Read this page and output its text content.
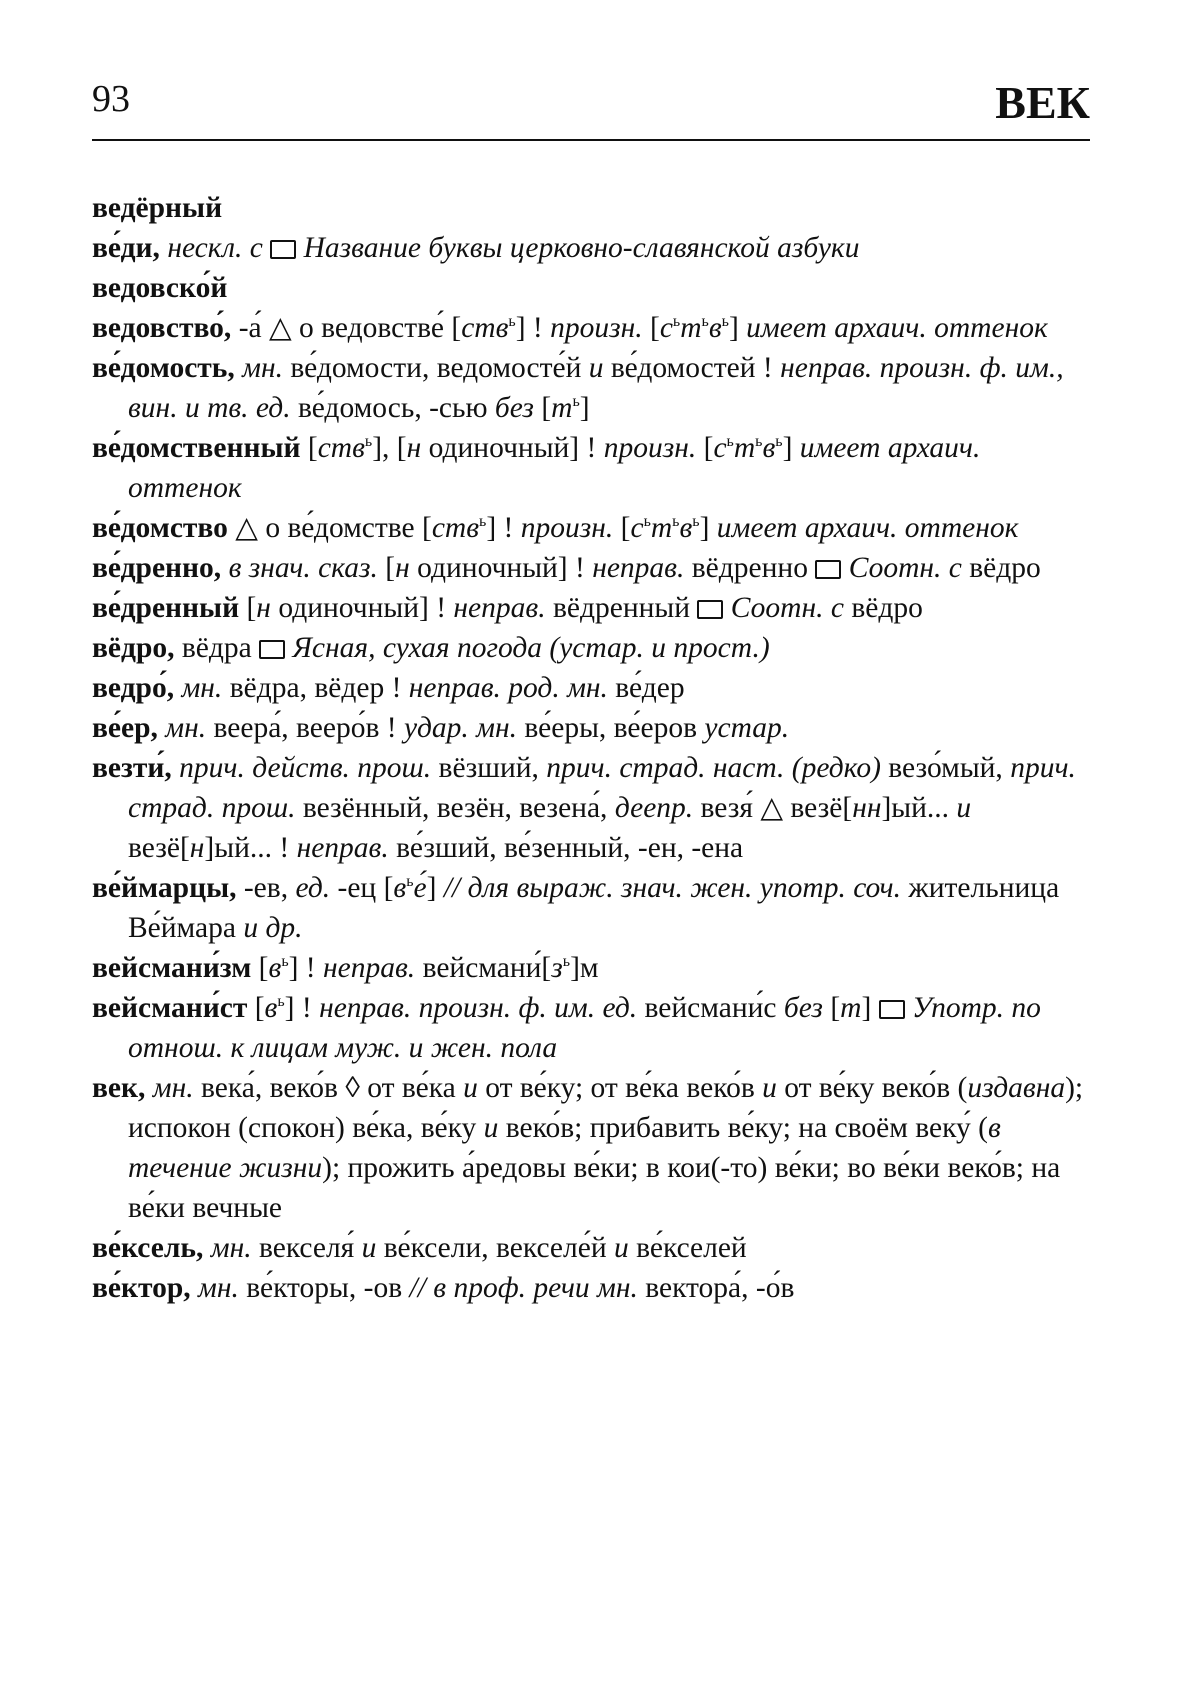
93	ВЕК

ведёрный

ве́ди, нескл. с Название буквы церковно-славянской азбуки

ведовско́й

ведовство́, -а́ △ о ведовстве́ [ств$^ь$] ! произн. $[с^ьт^ьв^ь]$ имеет архаич. оттенок

ве́домость, мн. ве́домости, ведомосте́й и ве́домостей ! неправ. произн. ф. им., вин. и тв. ед. ве́домось, -сью без $[т^ь]$

ве́домственный [ств$^ь$], [н одиночный] ! произн. $[с^ьт^ьв^ь]$ имеет архаич. оттенок

ве́домство △ о ве́домстве [ств$^ь$] ! произн. $[с^ьт^ьв^ь]$ имеет архаич. оттенок

ве́дренно, в знач. сказ. [н одиночный] ! неправ. вёдренно  Соотн. с вёдро

ве́дренный [н одиночный] ! неправ. вёдренный  Соотн. с вёдро

вёдро, вёдра  Ясная, сухая погода (устар. и прост.)

ведро́, мн. вёдра, вёдер ! неправ. род. мн. ве́дер

ве́ер, мн. веера́, вееро́в ! удар. мн. ве́еры, ве́еров устар.

везти́, прич. действ. прош. вёзший, прич. страд. наст. (редко) везо́мый, прич. страд. прош. везённый, везён, везена́, деепр. везя́ △ везё[нн]ый... и везё[н]ый... ! неправ. ве́зший, ве́зенный, -ен, -ена

ве́ймарцы, -ев, ед. -ец $[в^ье́]$ // для выраж. знач. жен. употр. соч. жительница Ве́ймара и др.

вейсмани́зм $[в^ь]$ ! неправ. $вейсмани́[з^ь]м$

вейсмани́ст $[в^ь]$ ! неправ. произн. ф. им. ед. вейсмани́с без [т]  Употр. по отнош. к лицам муж. и жен. пола

век, мн. века́, веко́в ◊ от ве́ка и от ве́ку; от ве́ка веко́в и от ве́ку веко́в (издавна); испокон (спокон) ве́ка, ве́ку и веко́в; прибавить ве́ку; на своём веку́ (в течение жизни); прожить а́редовы ве́ки; в кои(-то) ве́ки; во ве́ки веко́в; на ве́ки вечные

ве́ксель, мн. векселя́ и ве́ксели, векселе́й и ве́кселей

ве́ктор, мн. ве́кторы, -ов // в проф. речи мн. вектора́, -о́в
